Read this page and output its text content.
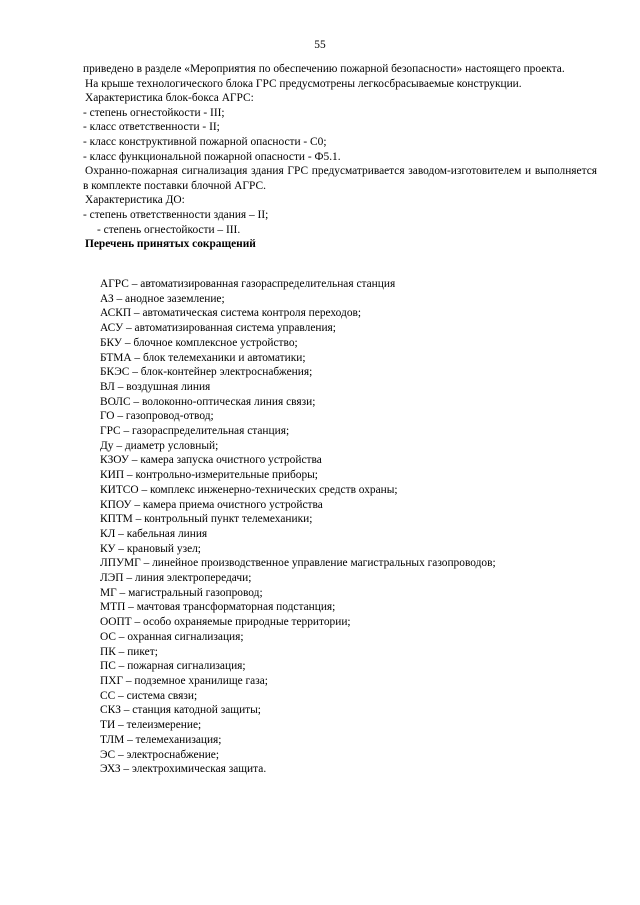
55

приведено в разделе «Мероприятия по обеспечению пожарной безопасности» настоящего проекта.

На крыше технологического блока ГРС предусмотрены легкосбрасываемые конструкции.

Характеристика блок-бокса АГРС:

- степень огнестойкости - III;

- класс ответственности - II;

- класс конструктивной пожарной опасности - С0;

- класс функциональной пожарной опасности - Ф5.1.

Охранно-пожарная сигнализация здания ГРС предусматривается заводом-изготовителем и выполняется в комплекте поставки блочной АГРС.

Характеристика ДО:

- степень ответственности здания – II;

- степень огнестойкости – III.

Перечень принятых сокращений

АГРС – автоматизированная газораспределительная станция
АЗ – анодное заземление;
АСКП – автоматическая система контроля переходов;
АСУ – автоматизированная система управления;
БКУ – блочное комплексное устройство;
БТМА – блок телемеханики и автоматики;
БКЭС – блок-контейнер электроснабжения;
ВЛ – воздушная линия
ВОЛС – волоконно-оптическая линия связи;
ГО – газопровод-отвод;
ГРС – газораспределительная станция;
Ду – диаметр условный;
КЗОУ – камера запуска очистного устройства
КИП – контрольно-измерительные приборы;
КИТСО – комплекс инженерно-технических средств охраны;
КПОУ – камера приема очистного устройства
КПТМ – контрольный пункт телемеханики;
КЛ – кабельная линия
КУ – крановый узел;
ЛПУМГ – линейное производственное управление магистральных газопроводов;
ЛЭП – линия электропередачи;
МГ – магистральный газопровод;
МТП – мачтовая трансформаторная подстанция;
ООПТ – особо охраняемые природные территории;
ОС – охранная сигнализация;
ПК – пикет;
ПС – пожарная сигнализация;
ПХГ – подземное хранилище газа;
СС – система связи;
СКЗ – станция катодной защиты;
ТИ – телеизмерение;
ТЛМ – телемеханизация;
ЭС – электроснабжение;
ЭХЗ – электрохимическая защита.
